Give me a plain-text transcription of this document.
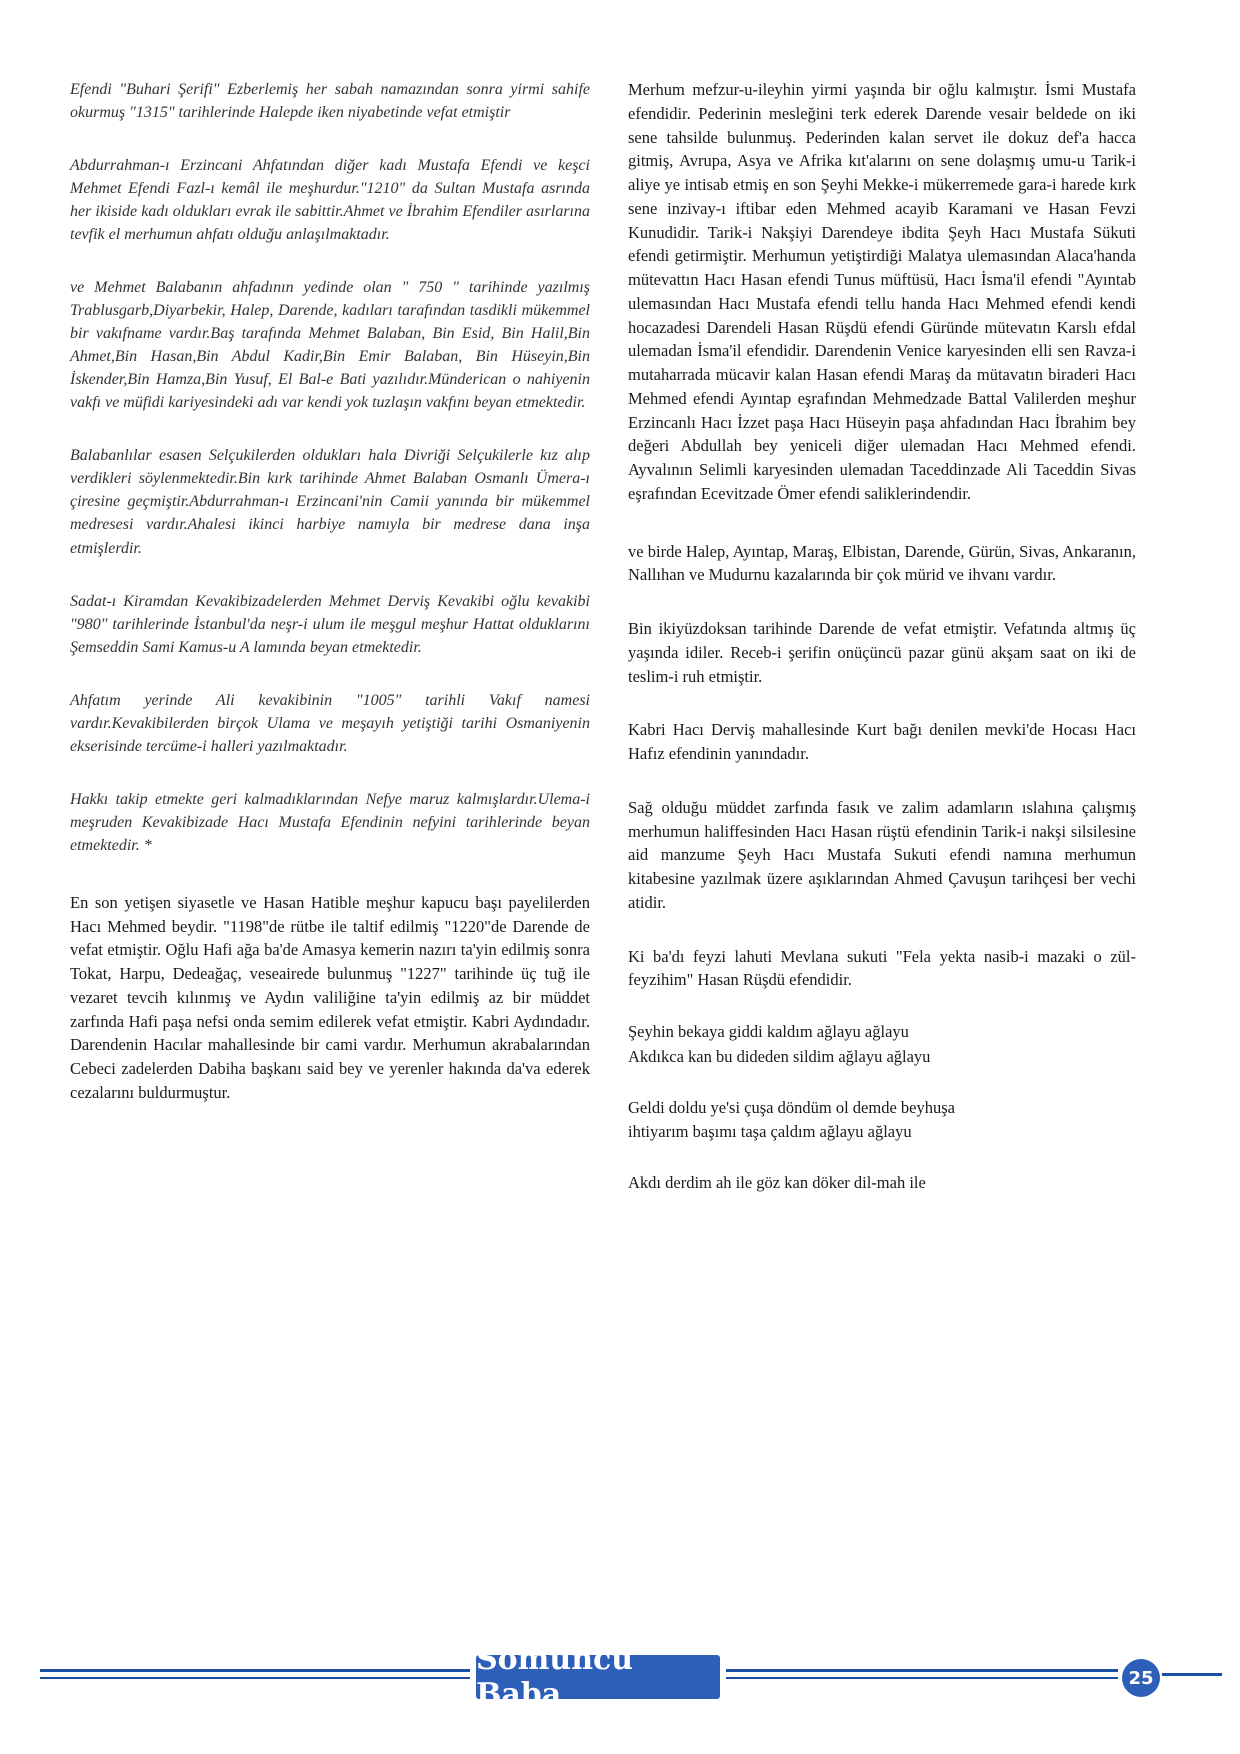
Efendi "Buhari Şerifi" Ezberlemiş her sabah namazından sonra yirmi sahife okurmuş "1315" tarihlerinde Halepde iken niyabetinde vefat etmiştir

Abdurrahman-ı Erzincani Ahfatından diğer kadı Mustafa Efendi ve keşci Mehmet Efendi Fazl-ı kemâl ile meşhurdur."1210" da Sultan Mustafa asrında her ikiside kadı oldukları evrak ile sabittir.Ahmet ve İbrahim Efendiler asırlarına tevfik el merhumun ahfatı olduğu anlaşılmaktadır.

ve Mehmet Balabanın ahfadının yedinde olan " 750 " tarihinde yazılmış Trablusgarb,Diyarbekir, Halep, Darende, kadıları tarafından tasdikli mükemmel bir vakıfname vardır.Baş tarafında Mehmet Balaban, Bin Esid, Bin Halil,Bin Ahmet,Bin Hasan,Bin Abdul Kadir,Bin Emir Balaban, Bin Hüseyin,Bin İskender,Bin Hamza,Bin Yusuf, El Bal-e Bati yazılıdır.Münderican o nahiyenin vakfı ve müfidi kariyesindeki adı var kendi yok tuzlaşın vakfını beyan etmektedir.

Balabanlılar esasen Selçukilerden oldukları hala Divriği Selçukilerle kız alıp verdikleri söylenmektedir.Bin kırk tarihinde Ahmet Balaban Osmanlı Ümera-ı çiresine geçmiştir.Abdurrahman-ı Erzincani'nin Camii yanında bir mükemmel medresesi vardır.Ahalesi ikinci harbiye namıyla bir medrese dana inşa etmişlerdir.

Sadat-ı Kiramdan Kevakibizadelerden Mehmet Derviş Kevakibi oğlu kevakibi "980" tarihlerinde İstanbul'da neşr-i ulum ile meşgul meşhur Hattat olduklarını Şemseddin Sami Kamus-u A lamında beyan etmektedir.

Ahfatım yerinde Ali kevakibinin "1005" tarihli Vakıf namesi vardır.Kevakibilerden birçok Ulama ve meşayıh yetiştiği tarihi Osmaniyenin ekserisinde tercüme-i halleri yazılmaktadır.

Hakkı takip etmekte geri kalmadıklarından Nefye maruz kalmışlardır.Ulema-i meşruden Kevakibizade Hacı Mustafa Efendinin nefyini tarihlerinde beyan etmektedir. *

En son yetişen siyasetle ve Hasan Hatible meşhur kapucu başı payelilerden Hacı Mehmed beydir. "1198"de rütbe ile taltif edilmiş "1220"de Darende de vefat etmiştir. Oğlu Hafi ağa ba'de Amasya kemerin nazırı ta'yin edilmiş sonra Tokat, Harpu, Dedeağaç, veseairede bulunmuş "1227" tarihinde üç tuğ ile vezaret tevcih kılınmış ve Aydın valiliğine ta'yin edilmiş az bir müddet zarfında Hafi paşa nefsi onda semim edilerek vefat etmiştir. Kabri Aydındadır. Darendenin Hacılar mahallesinde bir cami vardır. Merhumun akrabalarından Cebeci zadelerden Dabiha başkanı said bey ve yerenler hakında da'va ederek cezalarını buldurmuştur.

Merhum mefzur-u-ileyhin yirmi yaşında bir oğlu kalmıştır. İsmi Mustafa efendidir. Pederinin mesleğini terk ederek Darende vesair beldede on iki sene tahsilde bulunmuş. Pederinden kalan servet ile dokuz def'a hacca gitmiş, Avrupa, Asya ve Afrika kıt'alarını on sene dolaşmış umu-u Tarik-i aliye ye intisab etmiş en son Şeyhi Mekke-i mükerremede gara-i harede kırk sene inzivay-ı iftibar eden Mehmed acayib Karamani ve Hasan Fevzi Kunudidir. Tarik-i Nakşiyi Darendeye ibdita Şeyh Hacı Mustafa Sükuti efendi getirmiştir. Merhumun yetiştirdiği Malatya ulemasından Alaca'handa mütevattın Hacı Hasan efendi Tunus müftüsü, Hacı İsma'il efendi "Ayıntab ulemasından Hacı Mustafa efendi tellu handa Hacı Mehmed efendi kendi hocazadesi Darendeli Hasan Rüşdü efendi Güründe mütevatın Karslı efdal ulemadan İsma'il efendidir. Darendenin Venice karyesinden elli sen Ravza-i mutaharrada mücavir kalan Hasan efendi Maraş da mütavatın biraderi Hacı Mehmed efendi Ayıntap eşrafından Mehmedzade Battal Valilerden meşhur Erzincanlı Hacı İzzet paşa Hacı Hüseyin paşa ahfadından Hacı İbrahim bey değeri Abdullah bey yeniceli diğer ulemadan Hacı Mehmed efendi. Ayvalının Selimli karyesinden ulemadan Taceddinzade Ali Taceddin Sivas eşrafından Ecevitzade Ömer efendi saliklerindendir.

ve birde Halep, Ayıntap, Maraş, Elbistan, Darende, Gürün, Sivas, Ankaranın, Nallıhan ve Mudurnu kazalarında bir çok mürid ve ihvanı vardır.

Bin ikiyüzdoksan tarihinde Darende de vefat etmiştir. Vefatında altmış üç yaşında idiler. Receb-i şerifin onüçüncü pazar günü akşam saat on iki de teslim-i ruh etmiştir.

Kabri Hacı Derviş mahallesinde Kurt bağı denilen mevki'de Hocası Hacı Hafız efendinin yanındadır.

Sağ olduğu müddet zarfında fasık ve zalim adamların ıslahına çalışmış merhumun haliffesinden Hacı Hasan rüştü efendinin Tarik-i nakşi silsilesine aid manzume Şeyh Hacı Mustafa Sukuti efendi namına merhumun kitabesine yazılmak üzere aşıklarından Ahmed Çavuşun tarihçesi ber vechi atidir.

Ki ba'dı feyzi lahuti Mevlana sukuti "Fela yekta nasib-i mazaki o zül-feyzihim" Hasan Rüşdü efendidir.

Şeyhin bekaya giddi kaldım ağlayu ağlayu
Akdıkca kan bu dideden sildim ağlayu ağlayu
Geldi doldu ye'si çuşa döndüm ol demde beyhuşa
ihtiyarım başımı taşa çaldım ağlayu ağlayu
Akdı derdim ah ile göz kan döker dil-mah ile
Somuncu Baba	25
